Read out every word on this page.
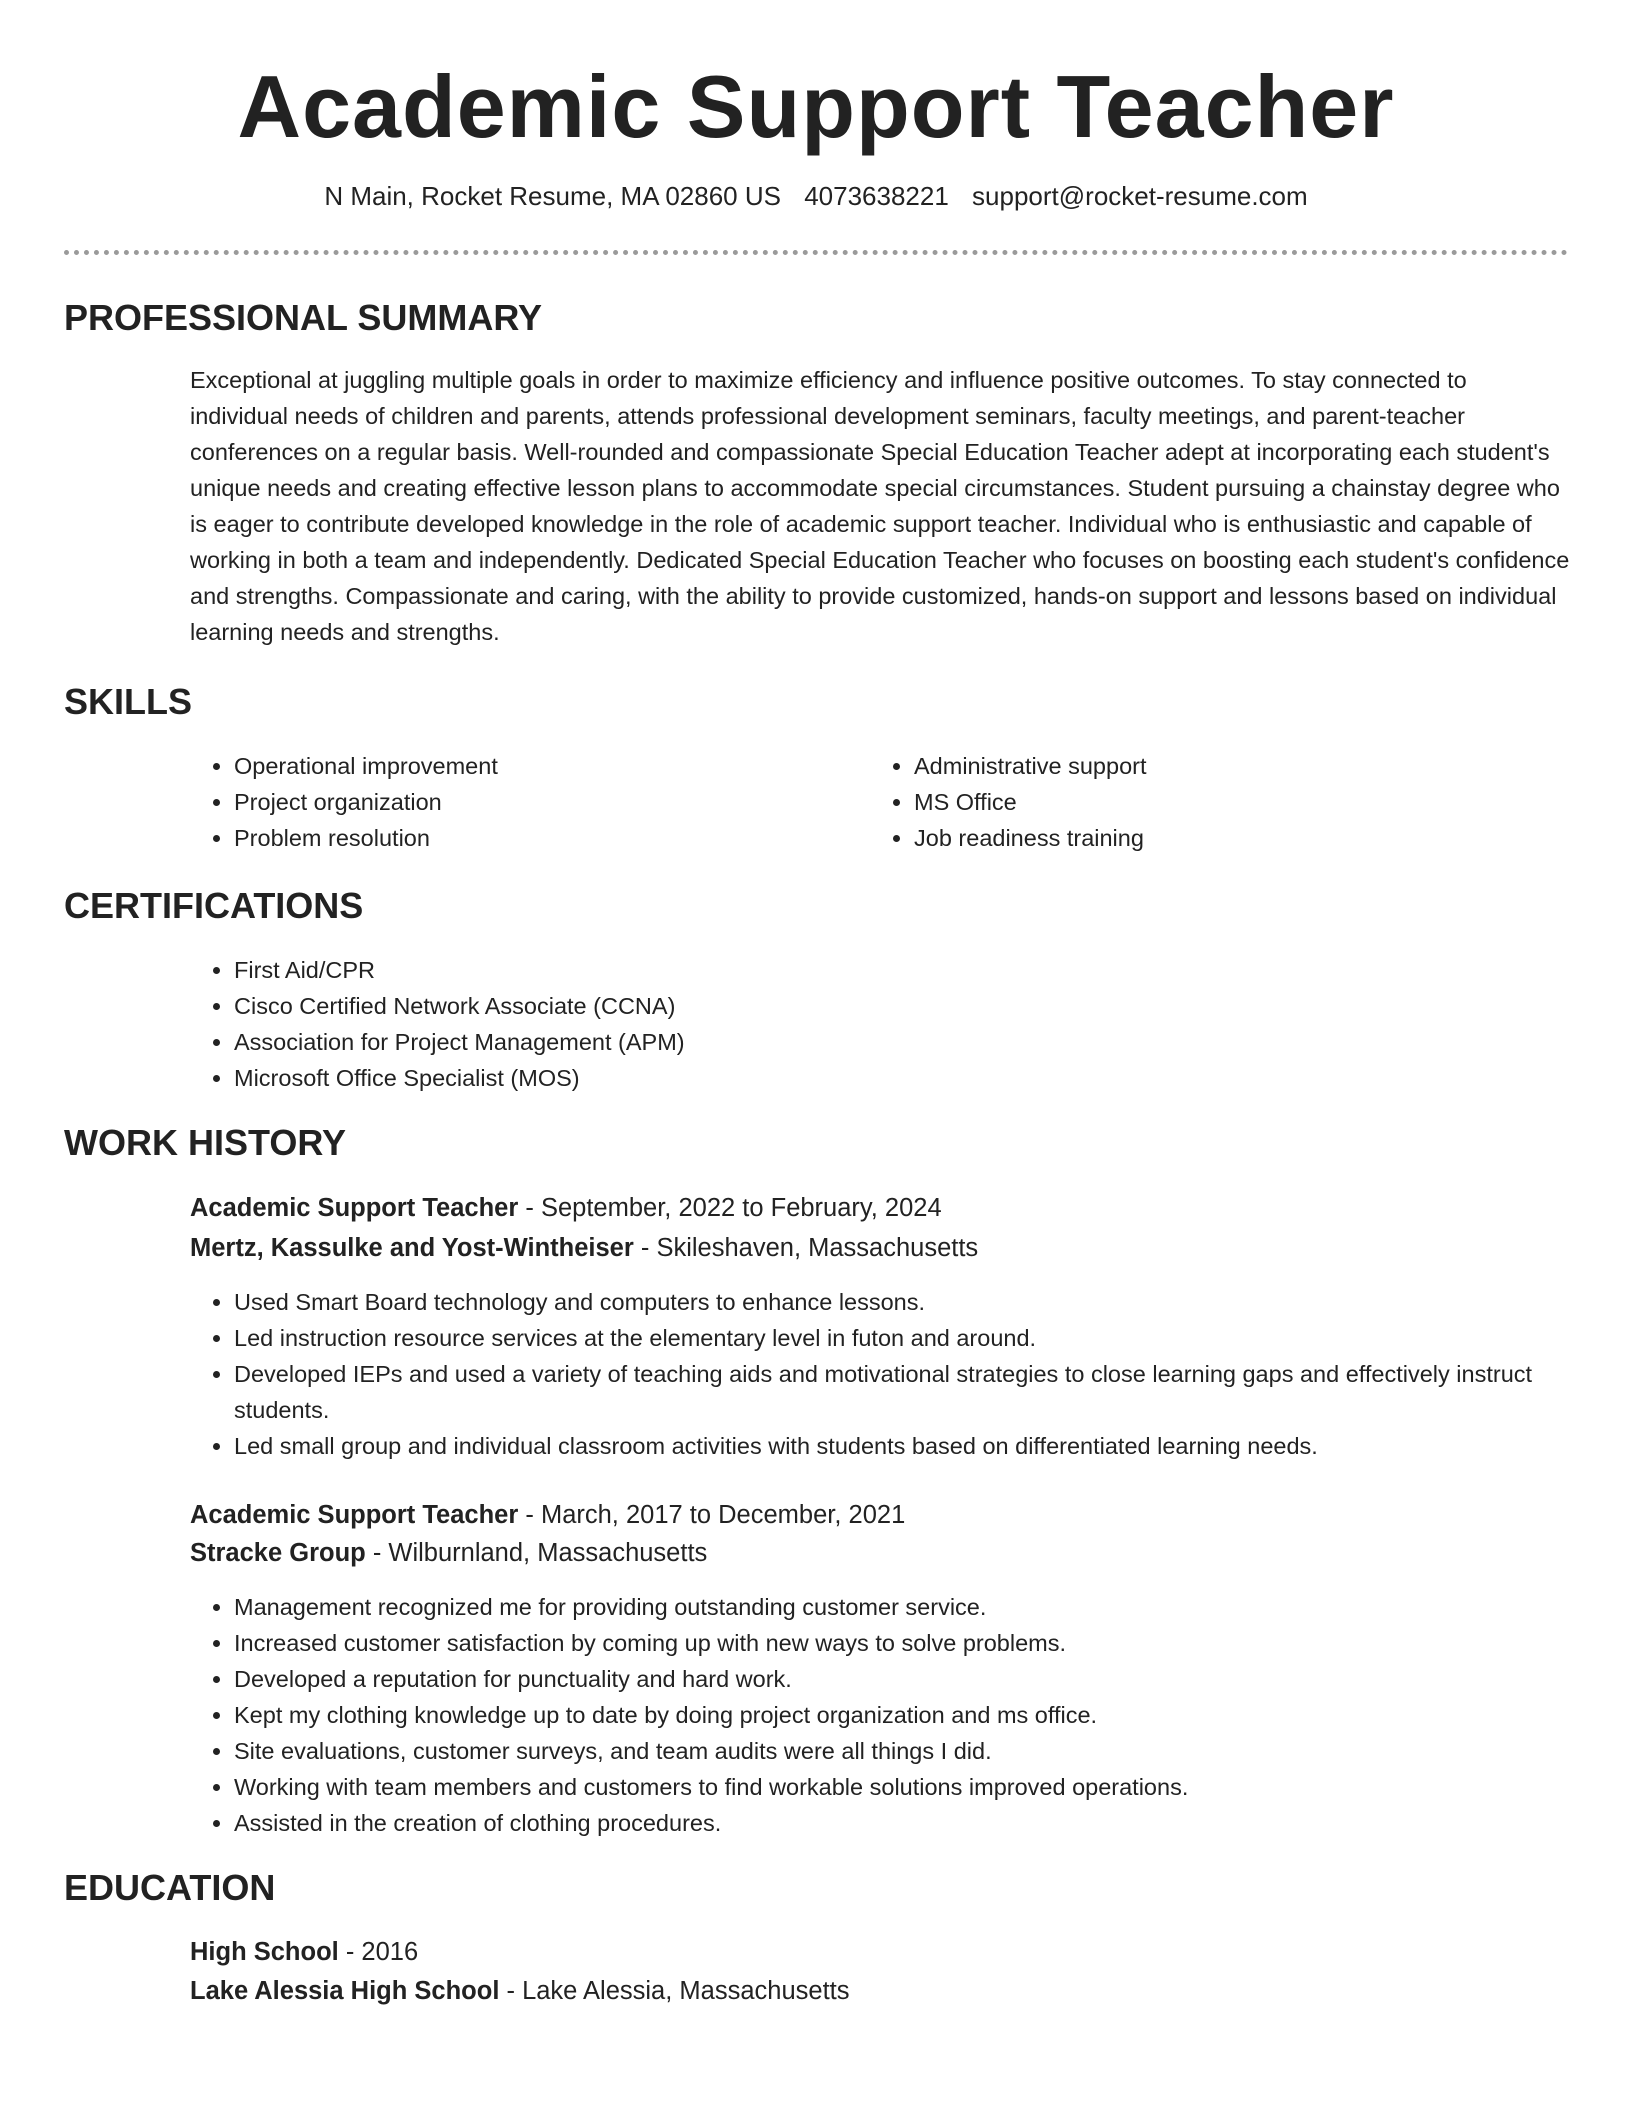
Academic Support Teacher
N Main, Rocket Resume, MA 02860 US 4073638221 support@rocket-resume.com
PROFESSIONAL SUMMARY

Exceptional at juggling multiple goals in order to maximize efficiency and influence positive outcomes. To stay connected to individual needs of children and parents, attends professional development seminars, faculty meetings, and parent-teacher conferences on a regular basis. Well-rounded and compassionate Special Education Teacher adept at incorporating each student's unique needs and creating effective lesson plans to accommodate special circumstances. Student pursuing a chainstay degree who is eager to contribute developed knowledge in the role of academic support teacher. Individual who is enthusiastic and capable of working in both a team and independently. Dedicated Special Education Teacher who focuses on boosting each student's confidence and strengths. Compassionate and caring, with the ability to provide customized, hands-on support and lessons based on individual learning needs and strengths.

SKILLS
• Operational improvement
• Project organization
• Problem resolution
• Administrative support
• MS Office
• Job readiness training
CERTIFICATIONS
• First Aid/CPR
• Cisco Certified Network Associate (CCNA)
• Association for Project Management (APM)
• Microsoft Office Specialist (MOS)
WORK HISTORY
Academic Support Teacher - September, 2022 to February, 2024
Mertz, Kassulke and Yost-Wintheiser - Skileshaven, Massachusetts
• Used Smart Board technology and computers to enhance lessons.
• Led instruction resource services at the elementary level in futon and around.
• Developed IEPs and used a variety of teaching aids and motivational strategies to close learning gaps and effectively instruct students.
• Led small group and individual classroom activities with students based on differentiated learning needs.
Academic Support Teacher - March, 2017 to December, 2021
Stracke Group - Wilburnland, Massachusetts
• Management recognized me for providing outstanding customer service.
• Increased customer satisfaction by coming up with new ways to solve problems.
• Developed a reputation for punctuality and hard work.
• Kept my clothing knowledge up to date by doing project organization and ms office.
• Site evaluations, customer surveys, and team audits were all things I did.
• Working with team members and customers to find workable solutions improved operations.
• Assisted in the creation of clothing procedures.
EDUCATION
High School - 2016
Lake Alessia High School - Lake Alessia, Massachusetts
